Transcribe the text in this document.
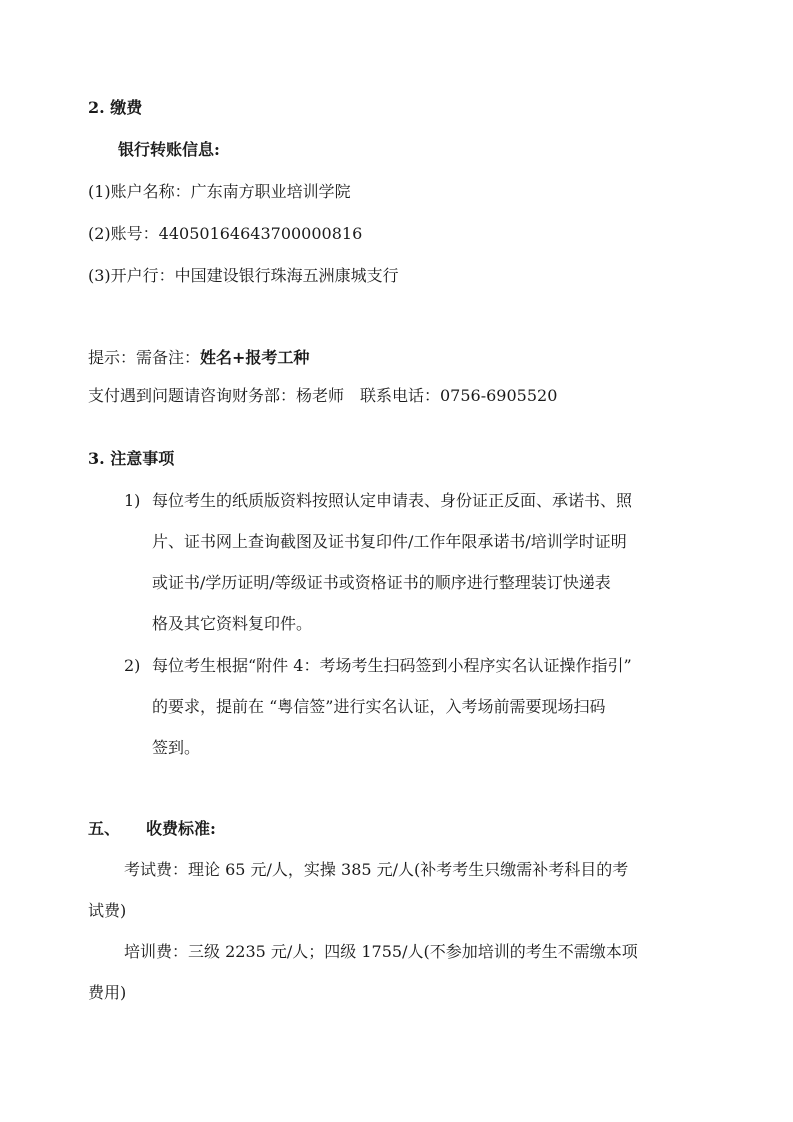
2. 缴费
银行转账信息:
(1)账户名称：广东南方职业培训学院
(2)账号：44050164643700000816
(3)开户行：中国建设银行珠海五洲康城支行
提示：需备注：姓名+报考工种
支付遇到问题请咨询财务部：杨老师　联系电话：0756-6905520
3. 注意事项
1) 每位考生的纸质版资料按照认定申请表、身份证正反面、承诺书、照
片、证书网上查询截图及证书复印件/工作年限承诺书/培训学时证明
或证书/学历证明/等级证书或资格证书的顺序进行整理装订快递表
格及其它资料复印件。
2) 每位考生根据“附件 4：考场考生扫码签到小程序实名认证操作指引”
的要求，提前在 “粤信签”进行实名认证，入考场前需要现场扫码
签到。
五、 收费标准:
考试费：理论 65 元/人，实操 385 元/人(补考考生只缴需补考科目的考
试费)
培训费：三级 2235 元/人；四级 1755/人(不参加培训的考生不需缴本项
费用)
